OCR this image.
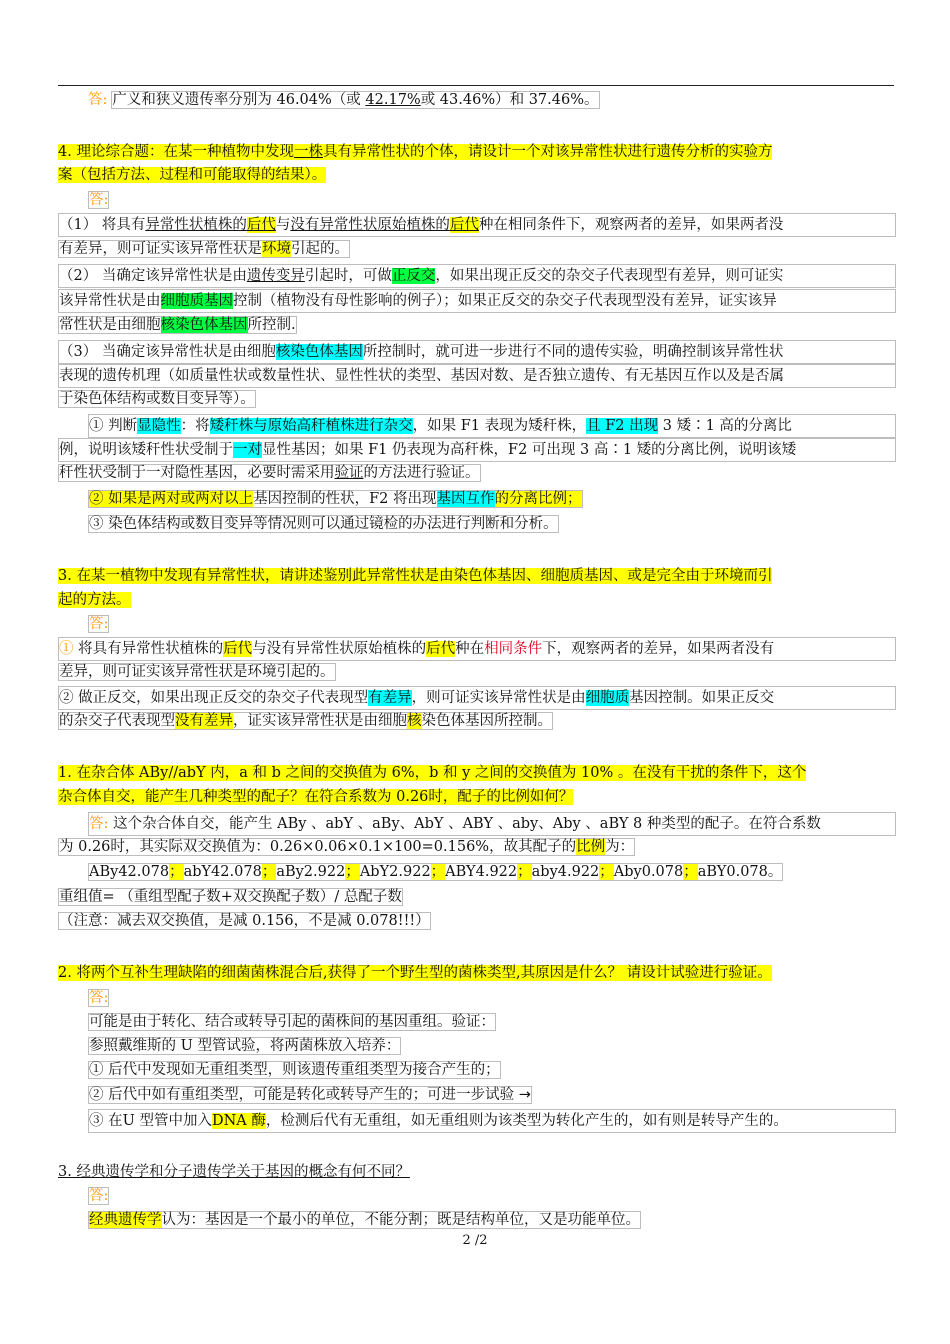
答: 广义和狭义遗传率分别为 46.04%（或 42.17%或 43.46%）和 37.46%。
4. 理论综合题：在某一种植物中发现一株具有异常性状的个体，请设计一个对该异常性状进行遗传分析的实验方
案（包括方法、过程和可能取得的结果）。
答:
（1） 将具有异常性状植株的后代与没有异常性状原始植株的后代种在相同条件下，观察两者的差异，如果两者没
有差异，则可证实该异常性状是环境引起的。
（2） 当确定该异常性状是由遗传变异引起时，可做正反交，如果出现正反交的杂交子代表现型有差异，则可证实
该异常性状是由细胞质基因控制（植物没有母性影响的例子）；如果正反交的杂交子代表现型没有差异，证实该异
常性状是由细胞核染色体基因所控制.
（3） 当确定该异常性状是由细胞核染色体基因所控制时，就可进一步进行不同的遗传实验，明确控制该异常性状
表现的遗传机理（如质量性状或数量性状、显性性状的类型、基因对数、是否独立遗传、有无基因互作以及是否属
于染色体结构或数目变异等）。
① 判断显隐性：将矮秆株与原始高秆植株进行杂交，如果 F1 表现为矮秆株，且 F2 出现 3 矮∶1 高的分离比
例，说明该矮秆性状受制于一对显性基因；如果 F1 仍表现为高秆株，F2 可出现 3 高∶1 矮的分离比例，说明该矮
秆性状受制于一对隐性基因，必要时需采用验证的方法进行验证。
② 如果是两对或两对以上基因控制的性状，F2 将出现基因互作的分离比例；
③ 染色体结构或数目变异等情况则可以通过镜检的办法进行判断和分析。
3. 在某一植物中发现有异常性状，请讲述鉴别此异常性状是由染色体基因、细胞质基因、或是完全由于环境而引
起的方法。
答:
① 将具有异常性状植株的后代与没有异常性状原始植株的后代种在相同条件下，观察两者的差异，如果两者没有
差异，则可证实该异常性状是环境引起的。
② 做正反交，如果出现正反交的杂交子代表现型有差异，则可证实该异常性状是由细胞质基因控制。如果正反交
的杂交子代表现型没有差异，证实该异常性状是由细胞核染色体基因所控制。
1. 在杂合体 ABy//abY 内，a 和 b 之间的交换值为 6%，b 和 y 之间的交换值为 10% 。在没有干扰的条件下，这个
杂合体自交，能产生几种类型的配子？在符合系数为 0.26时，配子的比例如何？
答: 这个杂合体自交，能产生 ABy 、abY 、aBy、AbY 、ABY 、aby、Aby 、aBY 8 种类型的配子。在符合系数
为 0.26时，其实际双交换值为：0.26×0.06×0.1×100=0.156%，故其配子的比例为：
ABy42.078；abY42.078；aBy2.922；AbY2.922；ABY4.922；aby4.922；Aby0.078；aBY0.078。
重组值= （重组型配子数+双交换配子数）/ 总配子数
（注意：减去双交换值，是减 0.156，不是减 0.078!!!）
2. 将两个互补生理缺陷的细菌菌株混合后,获得了一个野生型的菌株类型,其原因是什么？ 请设计试验进行验证。
答:
可能是由于转化、结合或转导引起的菌株间的基因重组。验证：
参照戴维斯的 U 型管试验，将两菌株放入培养：
① 后代中发现如无重组类型，则该遗传重组类型为接合产生的；
② 后代中如有重组类型，可能是转化或转导产生的；可进一步试验 →
③ 在U 型管中加入DNA 酶，检测后代有无重组，如无重组则为该类型为转化产生的，如有则是转导产生的。
3. 经典遗传学和分子遗传学关于基因的概念有何不同？
答:
经典遗传学认为：基因是一个最小的单位，不能分割；既是结构单位，又是功能单位。
2 /2
